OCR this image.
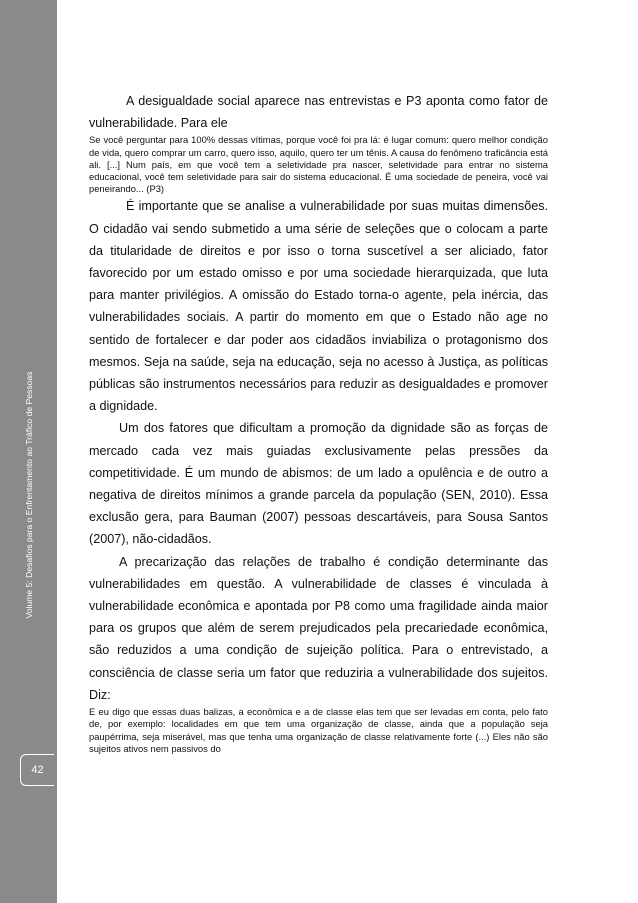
Volume 5: Desafios para o Enfrentamento ao Tráfico de Pessoas
42

A desigualdade social aparece nas entrevistas e P3 aponta como fator de vulnerabilidade. Para ele

Se você perguntar para 100% dessas vítimas, porque você foi pra lá: é lugar comum: quero melhor condição de vida, quero comprar um carro, quero isso, aquilo, quero ter um tênis. A causa do fenômeno traficância está ali. [...] Num país, em que você tem a seletividade pra nascer, seletividade para entrar no sistema educacional, você tem seletividade para sair do sistema educacional. É uma sociedade de peneira, você vai peneirando... (P3)

É importante que se analise a vulnerabilidade por suas muitas dimensões. O cidadão vai sendo submetido a uma série de seleções que o colocam a parte da titularidade de direitos e por isso o torna suscetível a ser aliciado, fator favorecido por um estado omisso e por uma sociedade hierarquizada, que luta para manter privilégios. A omissão do Estado torna-o agente, pela inércia, das vulnerabilidades sociais. A partir do momento em que o Estado não age no sentido de fortalecer e dar poder aos cidadãos inviabiliza o protagonismo dos mesmos. Seja na saúde, seja na educação, seja no acesso à Justiça, as políticas públicas são instrumentos necessários para reduzir as desigualdades e promover a dignidade.

Um dos fatores que dificultam a promoção da dignidade são as forças de mercado cada vez mais guiadas exclusivamente pelas pressões da competitividade. É um mundo de abismos: de um lado a opulência e de outro a negativa de direitos mínimos a grande parcela da população (SEN, 2010). Essa exclusão gera, para Bauman (2007) pessoas descartáveis, para Sousa Santos (2007), não-cidadãos.

A precarização das relações de trabalho é condição determinante das vulnerabilidades em questão. A vulnerabilidade de classes é vinculada à vulnerabilidade econômica e apontada por P8 como uma fragilidade ainda maior para os grupos que além de serem prejudicados pela precariedade econômica, são reduzidos a uma condição de sujeição política. Para o entrevistado, a consciência de classe seria um fator que reduziria a vulnerabilidade dos sujeitos. Diz:

E eu digo que essas duas balizas, a econômica e a de classe elas tem que ser levadas em conta, pelo fato de, por exemplo: localidades em que tem uma organização de classe, ainda que a população seja paupérrima, seja miserável, mas que tenha uma organização de classe relativamente forte (...) Eles não são sujeitos ativos nem passivos do
